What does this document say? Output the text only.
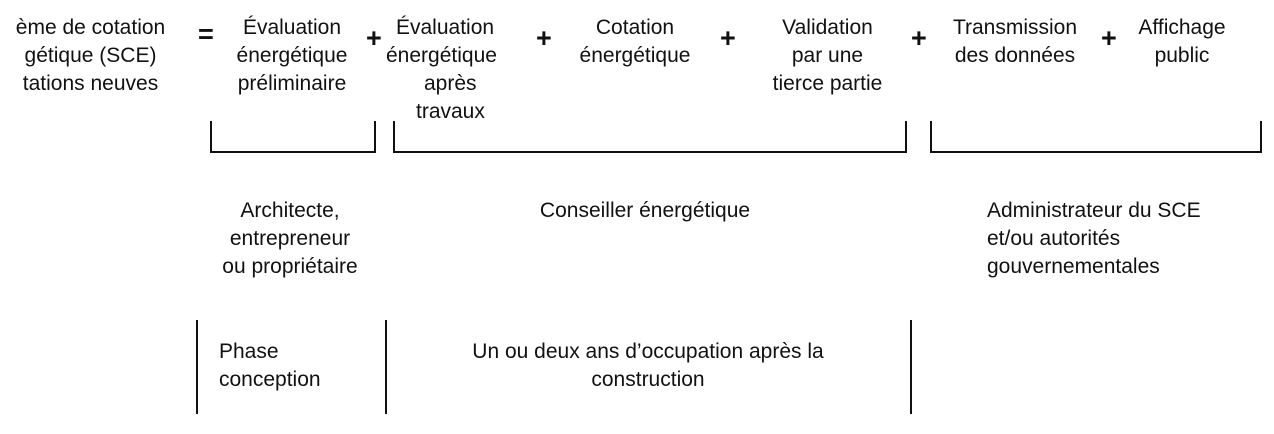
ème de cotation
gétique (SCE)
tations neuves
=	Évaluation
énergétique
préliminaire
+ Évaluation
énergétique
après
travaux
+	Cotation
énergétique
+	Validation
par une
tierce partie
+	Transmission
des données
+	Affichage
public
Architecte,
entrepreneur
ou propriétaire
Conseiller énergétique	Administrateur du SCE
et/ou autorités
gouvernementales
Phase
conception
Un ou deux ans d’occupation après la
construction
